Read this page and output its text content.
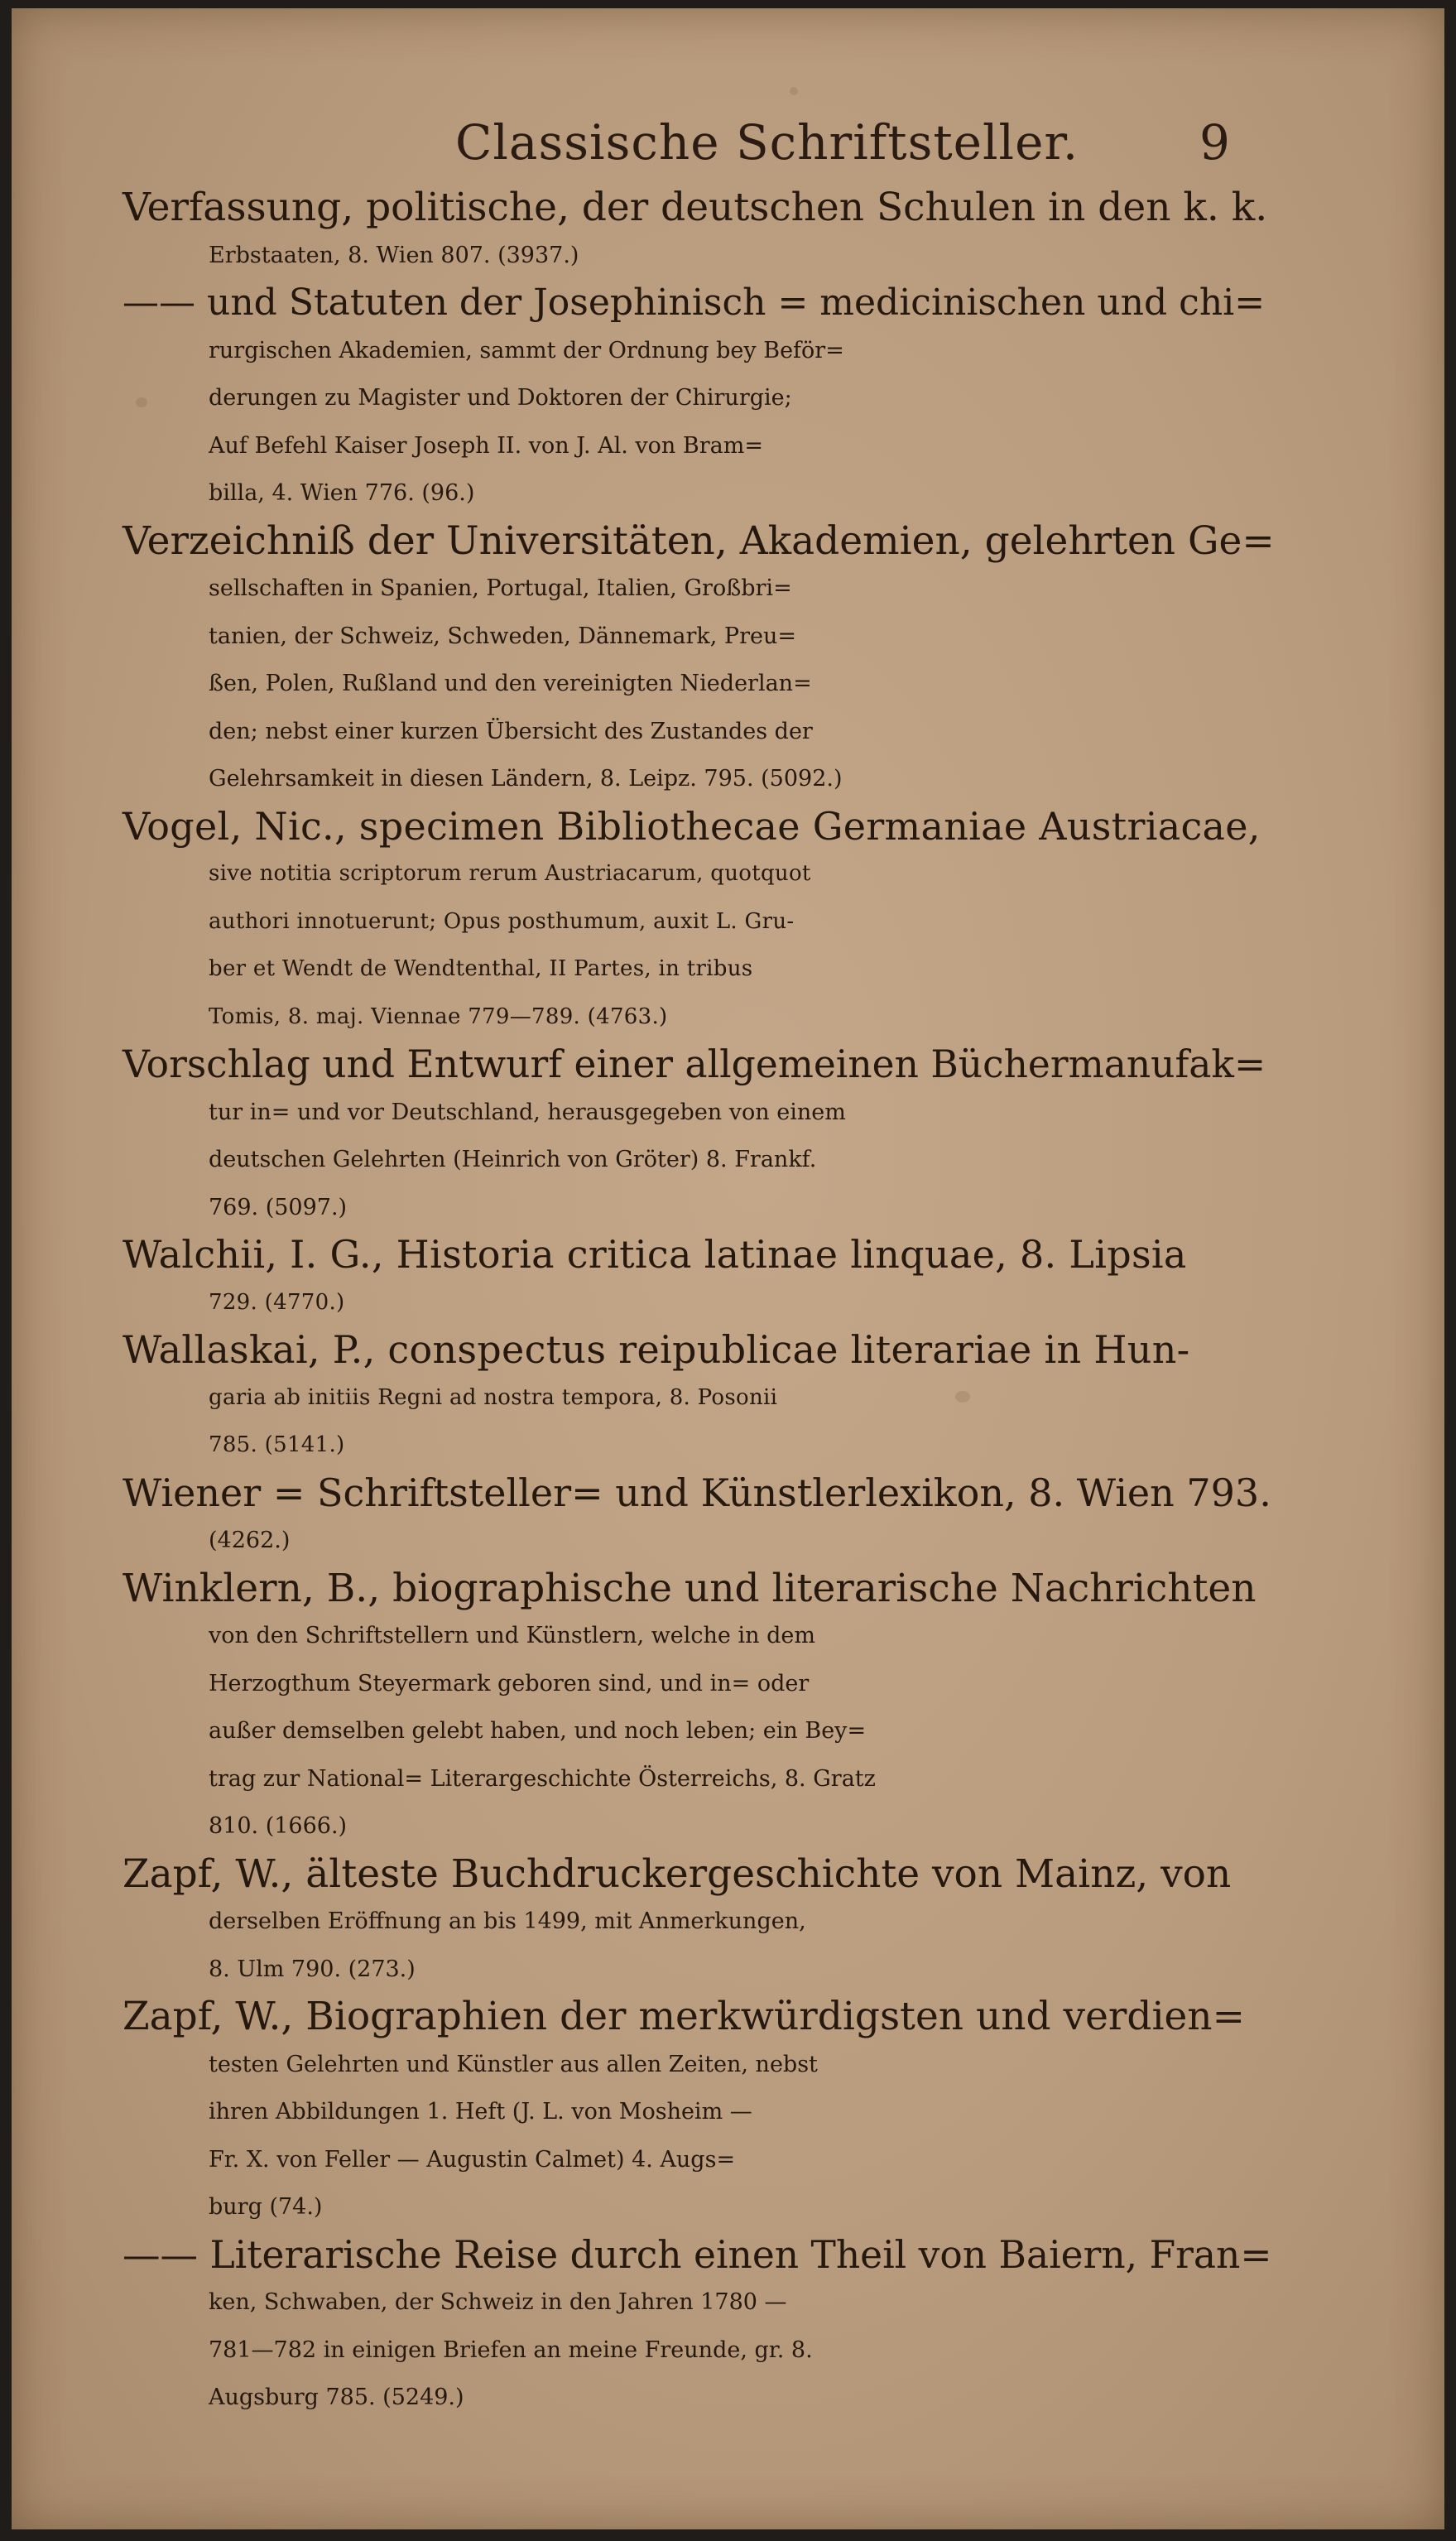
Classische Schriftsteller.	9
Verfassung, politische, der deutschen Schulen in den k. k.
Erbstaaten, 8. Wien 807. (3937.)
—— und Statuten der Josephinisch = medicinischen und chi=
rurgischen Akademien, sammt der Ordnung bey Beför=
derungen zu Magister und Doktoren der Chirurgie;
Auf Befehl Kaiser Joseph II. von J. Al. von Bram=
billa, 4. Wien 776. (96.)
Verzeichniß der Universitäten, Akademien, gelehrten Ge=
sellschaften in Spanien, Portugal, Italien, Großbri=
tanien, der Schweiz, Schweden, Dännemark, Preu=
ßen, Polen, Rußland und den vereinigten Niederlan=
den; nebst einer kurzen Übersicht des Zustandes der
Gelehrsamkeit in diesen Ländern, 8. Leipz. 795. (5092.)
Vogel, Nic., specimen Bibliothecae Germaniae Austriacae,
sive notitia scriptorum rerum Austriacarum, quotquot
authori innotuerunt; Opus posthumum, auxit L. Gru-
ber et Wendt de Wendtenthal, II Partes, in tribus
Tomis, 8. maj. Viennae 779—789. (4763.)
Vorschlag und Entwurf einer allgemeinen Büchermanufak=
tur in= und vor Deutschland, herausgegeben von einem
deutschen Gelehrten (Heinrich von Gröter) 8. Frankf.
769. (5097.)
Walchii, I. G., Historia critica latinae linquae, 8. Lipsia
729. (4770.)
Wallaskai, P., conspectus reipublicae literariae in Hun-
garia ab initiis Regni ad nostra tempora, 8. Posonii
785. (5141.)
Wiener = Schriftsteller= und Künstlerlexikon, 8. Wien 793.
(4262.)
Winklern, B., biographische und literarische Nachrichten
von den Schriftstellern und Künstlern, welche in dem
Herzogthum Steyermark geboren sind, und in= oder
außer demselben gelebt haben, und noch leben; ein Bey=
trag zur National= Literargeschichte Österreichs, 8. Gratz
810. (1666.)
Zapf, W., älteste Buchdruckergeschichte von Mainz, von
derselben Eröffnung an bis 1499, mit Anmerkungen,
8. Ulm 790. (273.)
Zapf, W., Biographien der merkwürdigsten und verdien=
testen Gelehrten und Künstler aus allen Zeiten, nebst
ihren Abbildungen 1. Heft (J. L. von Mosheim —
Fr. X. von Feller — Augustin Calmet) 4. Augs=
burg (74.)
—— Literarische Reise durch einen Theil von Baiern, Fran=
ken, Schwaben, der Schweiz in den Jahren 1780 —
781—782 in einigen Briefen an meine Freunde, gr. 8.
Augsburg 785. (5249.)
